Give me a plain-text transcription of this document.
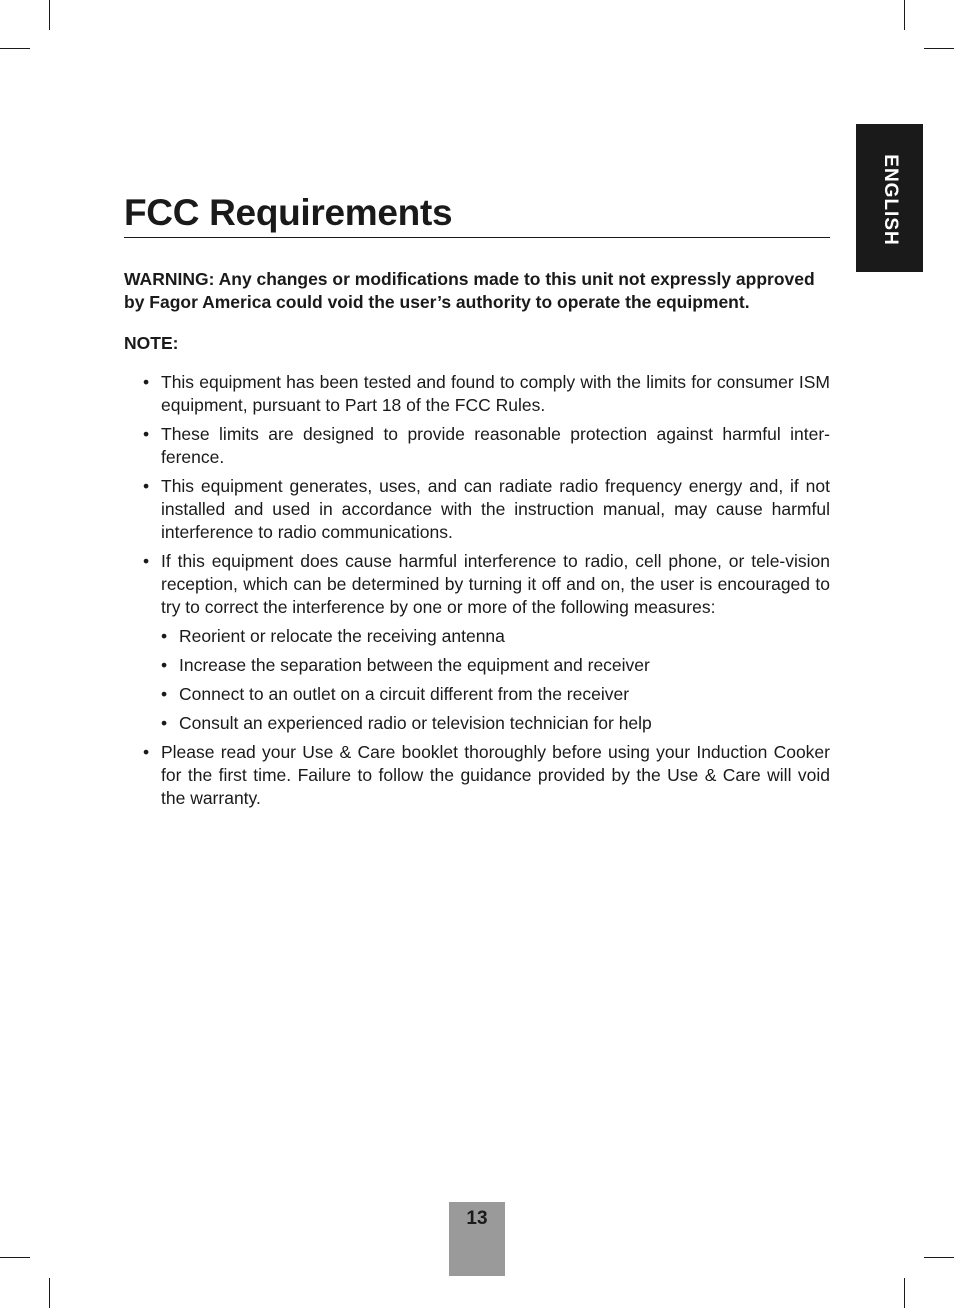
ENGLISH
FCC Requirements

WARNING: Any changes or modifications made to this unit not expressly approved by Fagor America could void the user’s authority to operate the equipment.

NOTE:

• This equipment has been tested and found to comply with the limits for consumer ISM equipment, pursuant to Part 18 of the FCC Rules.
• These limits are designed to provide reasonable protection against harmful inter-ference.
• This equipment generates, uses, and can radiate radio frequency energy and, if not installed and used in accordance with the instruction manual, may cause harmful interference to radio communications.
• If this equipment does cause harmful interference to radio, cell phone, or tele-vision reception, which can be determined by turning it off and on, the user is encouraged to try to correct the interference by one or more of the following measures:
• Reorient or relocate the receiving antenna
• Increase the separation between the equipment and receiver
• Connect to an outlet on a circuit different from the receiver
• Consult an experienced radio or television technician for help
• Please read your Use & Care booklet thoroughly before using your Induction Cooker for the first time. Failure to follow the guidance provided by the Use & Care will void the warranty.
13
